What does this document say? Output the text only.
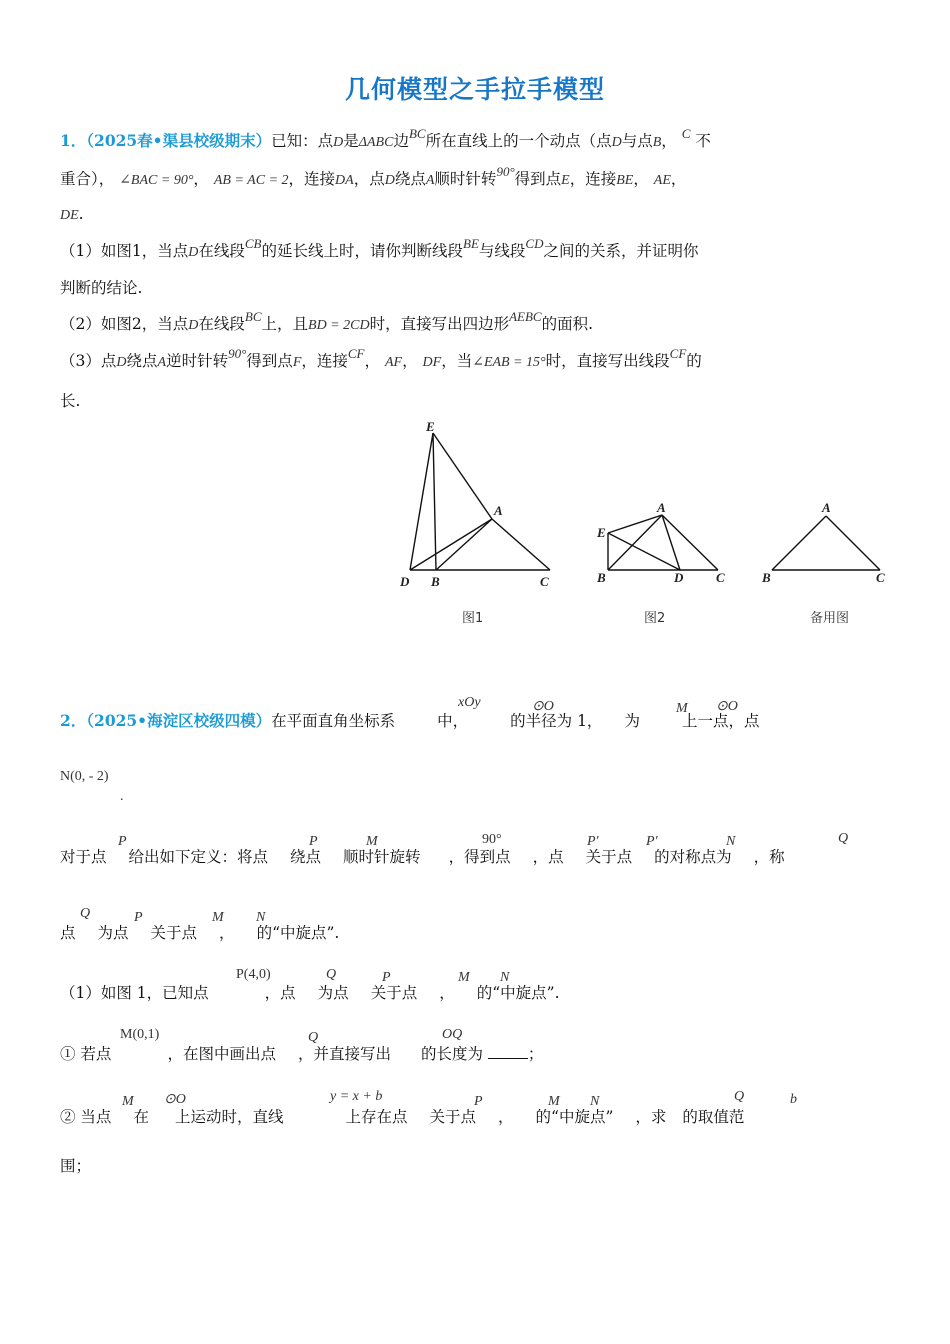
几何模型之手拉手模型
1．（2025春•渠县校级期末）已知：点D是ΔABC边$^{BC}$所在直线上的一个动点（点D与点B， $^C$ 不
重合）， ∠BAC = 90°， AB = AC = 2，连接DA，点D绕点A顺时针转$^{90^\circ}$得到点E，连接BE， AE，
DE.
（1）如图1，当点D在线段$^{CB}$的延长线上时，请你判断线段$^{BE}$与线段$^{CD}$之间的关系，并证明你
判断的结论.
（2）如图2，当点D在线段$^{BC}$上，且BD = 2CD时，直接写出四边形$^{AEBC}$的面积.
（3）点D绕点A逆时针转$^{90^\circ}$得到点F，连接$^{CF}$， AF， DF，当∠EAB = 15°时，直接写出线段$^{CF}$的
长.
E
A
D B	C
图1
E
A
B	D	C
图2
A
B	C
备用图
2．（2025•海淀区校级四模）在平面直角坐标系	中，	的半径为 1， 为	上一点，点
xOy	⊙O	M ⊙O
N(0, - 2)
.
对于点 给出如下定义：将点 绕点 顺时针旋转 ，得到点 ，点 关于点 的对称点为 ，称
P	P	M	90°	P′	P′	N	Q
点 为点 关于点 ， 的“中旋点”.
Q	P	M N
（1）如图 1，已知点	，点 为点 关于点 ， 的“中旋点”.
P(4,0)	Q	P	M N
① 若点	，在图中画出点 ，并直接写出 的长度为	；
M(0,1)	Q	OQ
② 当点 在 上运动时，直线	上存在点 关于点 ， 的“中旋点” ，求 的取值范
M ⊙O	y = x + b	P	M N	Q	b
围；
